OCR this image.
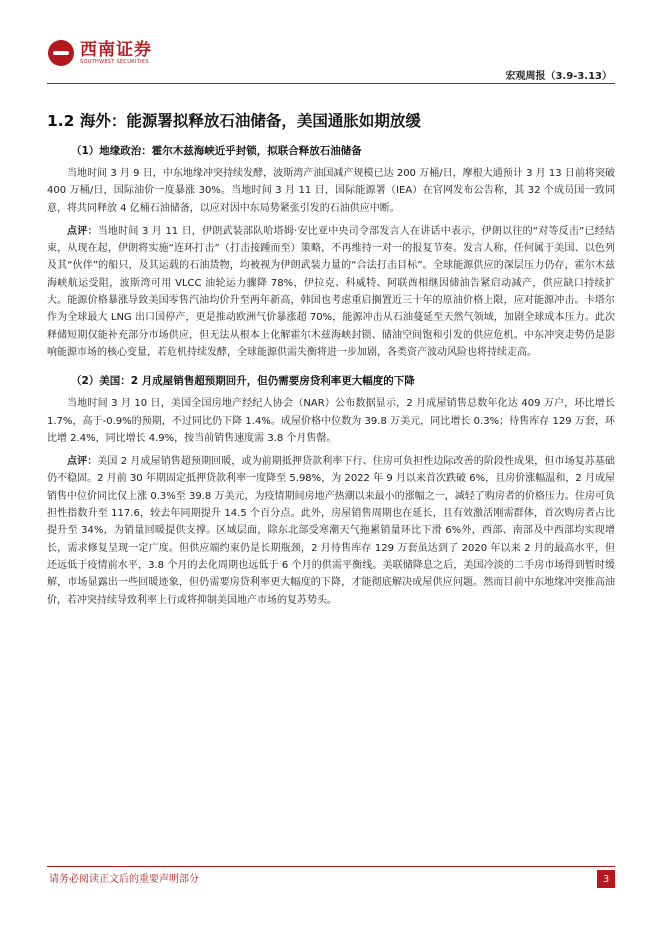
西南证券
SOUTHWEST SECURITIES
宏观周报（3.9-3.13）
1.2 海外：能源署拟释放石油储备，美国通胀如期放缓
（1）地缘政治：霍尔木兹海峡近乎封锁，拟联合释放石油储备

当地时间 3 月 9 日，中东地缘冲突持续发酵，波斯湾产油国减产规模已达 200 万桶/日，摩根大通预计 3 月 13 日前将突破 400 万桶/日，国际油价一度暴涨 30%。当地时间 3 月 11 日，国际能源署（IEA）在官网发布公告称，其 32 个成员国一致同意，将共同释放 4 亿桶石油储备，以应对因中东局势紧张引发的石油供应中断。

点评：当地时间 3 月 11 日，伊朗武装部队哈塔姆·安比亚中央司令部发言人在讲话中表示，伊朗以往的“对等反击”已经结束，从现在起，伊朗将实施“连环打击”（打击接踵而至）策略，不再维持一对一的报复节奏。发言人称，任何属于美国、以色列及其“伙伴”的船只，及其运载的石油货物，均被视为伊朗武装力量的“合法打击目标”。全球能源供应的深层压力仍存，霍尔木兹海峡航运受阻，波斯湾可用 VLCC 油轮运力骤降 78%，伊拉克、科威特、阿联酋相继因储油告紧启动减产，供应缺口持续扩大。能源价格暴涨导致美国零售汽油均价升至两年新高，韩国也考虑重启搁置近三十年的原油价格上限，应对能源冲击。卡塔尔作为全球最大 LNG 出口国停产，更是推动欧洲气价暴涨超 70%，能源冲击从石油蔓延至天然气领域，加剧全球成本压力。此次释储短期仅能补充部分市场供应，但无法从根本上化解霍尔木兹海峡封锁、储油空间饱和引发的供应危机。中东冲突走势仍是影响能源市场的核心变量，若危机持续发酵，全球能源供需失衡将进一步加剧，各类资产波动风险也将持续走高。

（2）美国：2 月成屋销售超预期回升，但仍需要房贷利率更大幅度的下降

当地时间 3 月 10 日，美国全国房地产经纪人协会（NAR）公布数据显示，2 月成屋销售总数年化达 409 万户，环比增长 1.7%，高于-0.9%的预期，不过同比仍下降 1.4%。成屋价格中位数为 39.8 万美元，同比增长 0.3%；待售库存 129 万套，环比增 2.4%，同比增长 4.9%，按当前销售速度需 3.8 个月售罄。

点评：美国 2 月成屋销售超预期回暖，或为前期抵押贷款利率下行、住房可负担性边际改善的阶段性成果，但市场复苏基础仍不稳固。2 月前 30 年期固定抵押贷款利率一度降至 5.98%，为 2022 年 9 月以来首次跌破 6%，且房价涨幅温和，2 月成屋销售中位价同比仅上涨 0.3%至 39.8 万美元，为疫情期间房地产热潮以来最小的涨幅之一，减轻了购房者的价格压力。住房可负担性指数升至 117.6，较去年同期提升 14.5 个百分点。此外，房屋销售周期也在延长，且有效激活刚需群体，首次购房者占比提升至 34%，为销量回暖提供支撑。区域层面，除东北部受寒潮天气拖累销量环比下滑 6%外，西部、南部及中西部均实现增长，需求修复呈现一定广度。但供应端约束仍是长期瓶颈，2 月待售库存 129 万套虽达到了 2020 年以来 2 月的最高水平，但还远低于疫情前水平，3.8 个月的去化周期也远低于 6 个月的供需平衡线。美联储降息之后，美国冷淡的二手房市场得到暂时缓解，市场显露出一些回暖迹象，但仍需要房贷利率更大幅度的下降，才能彻底解决成屋供应问题。然而目前中东地缘冲突推高油价，若冲突持续导致利率上行或将抑制美国地产市场的复苏势头。

请务必阅读正文后的重要声明部分	3
